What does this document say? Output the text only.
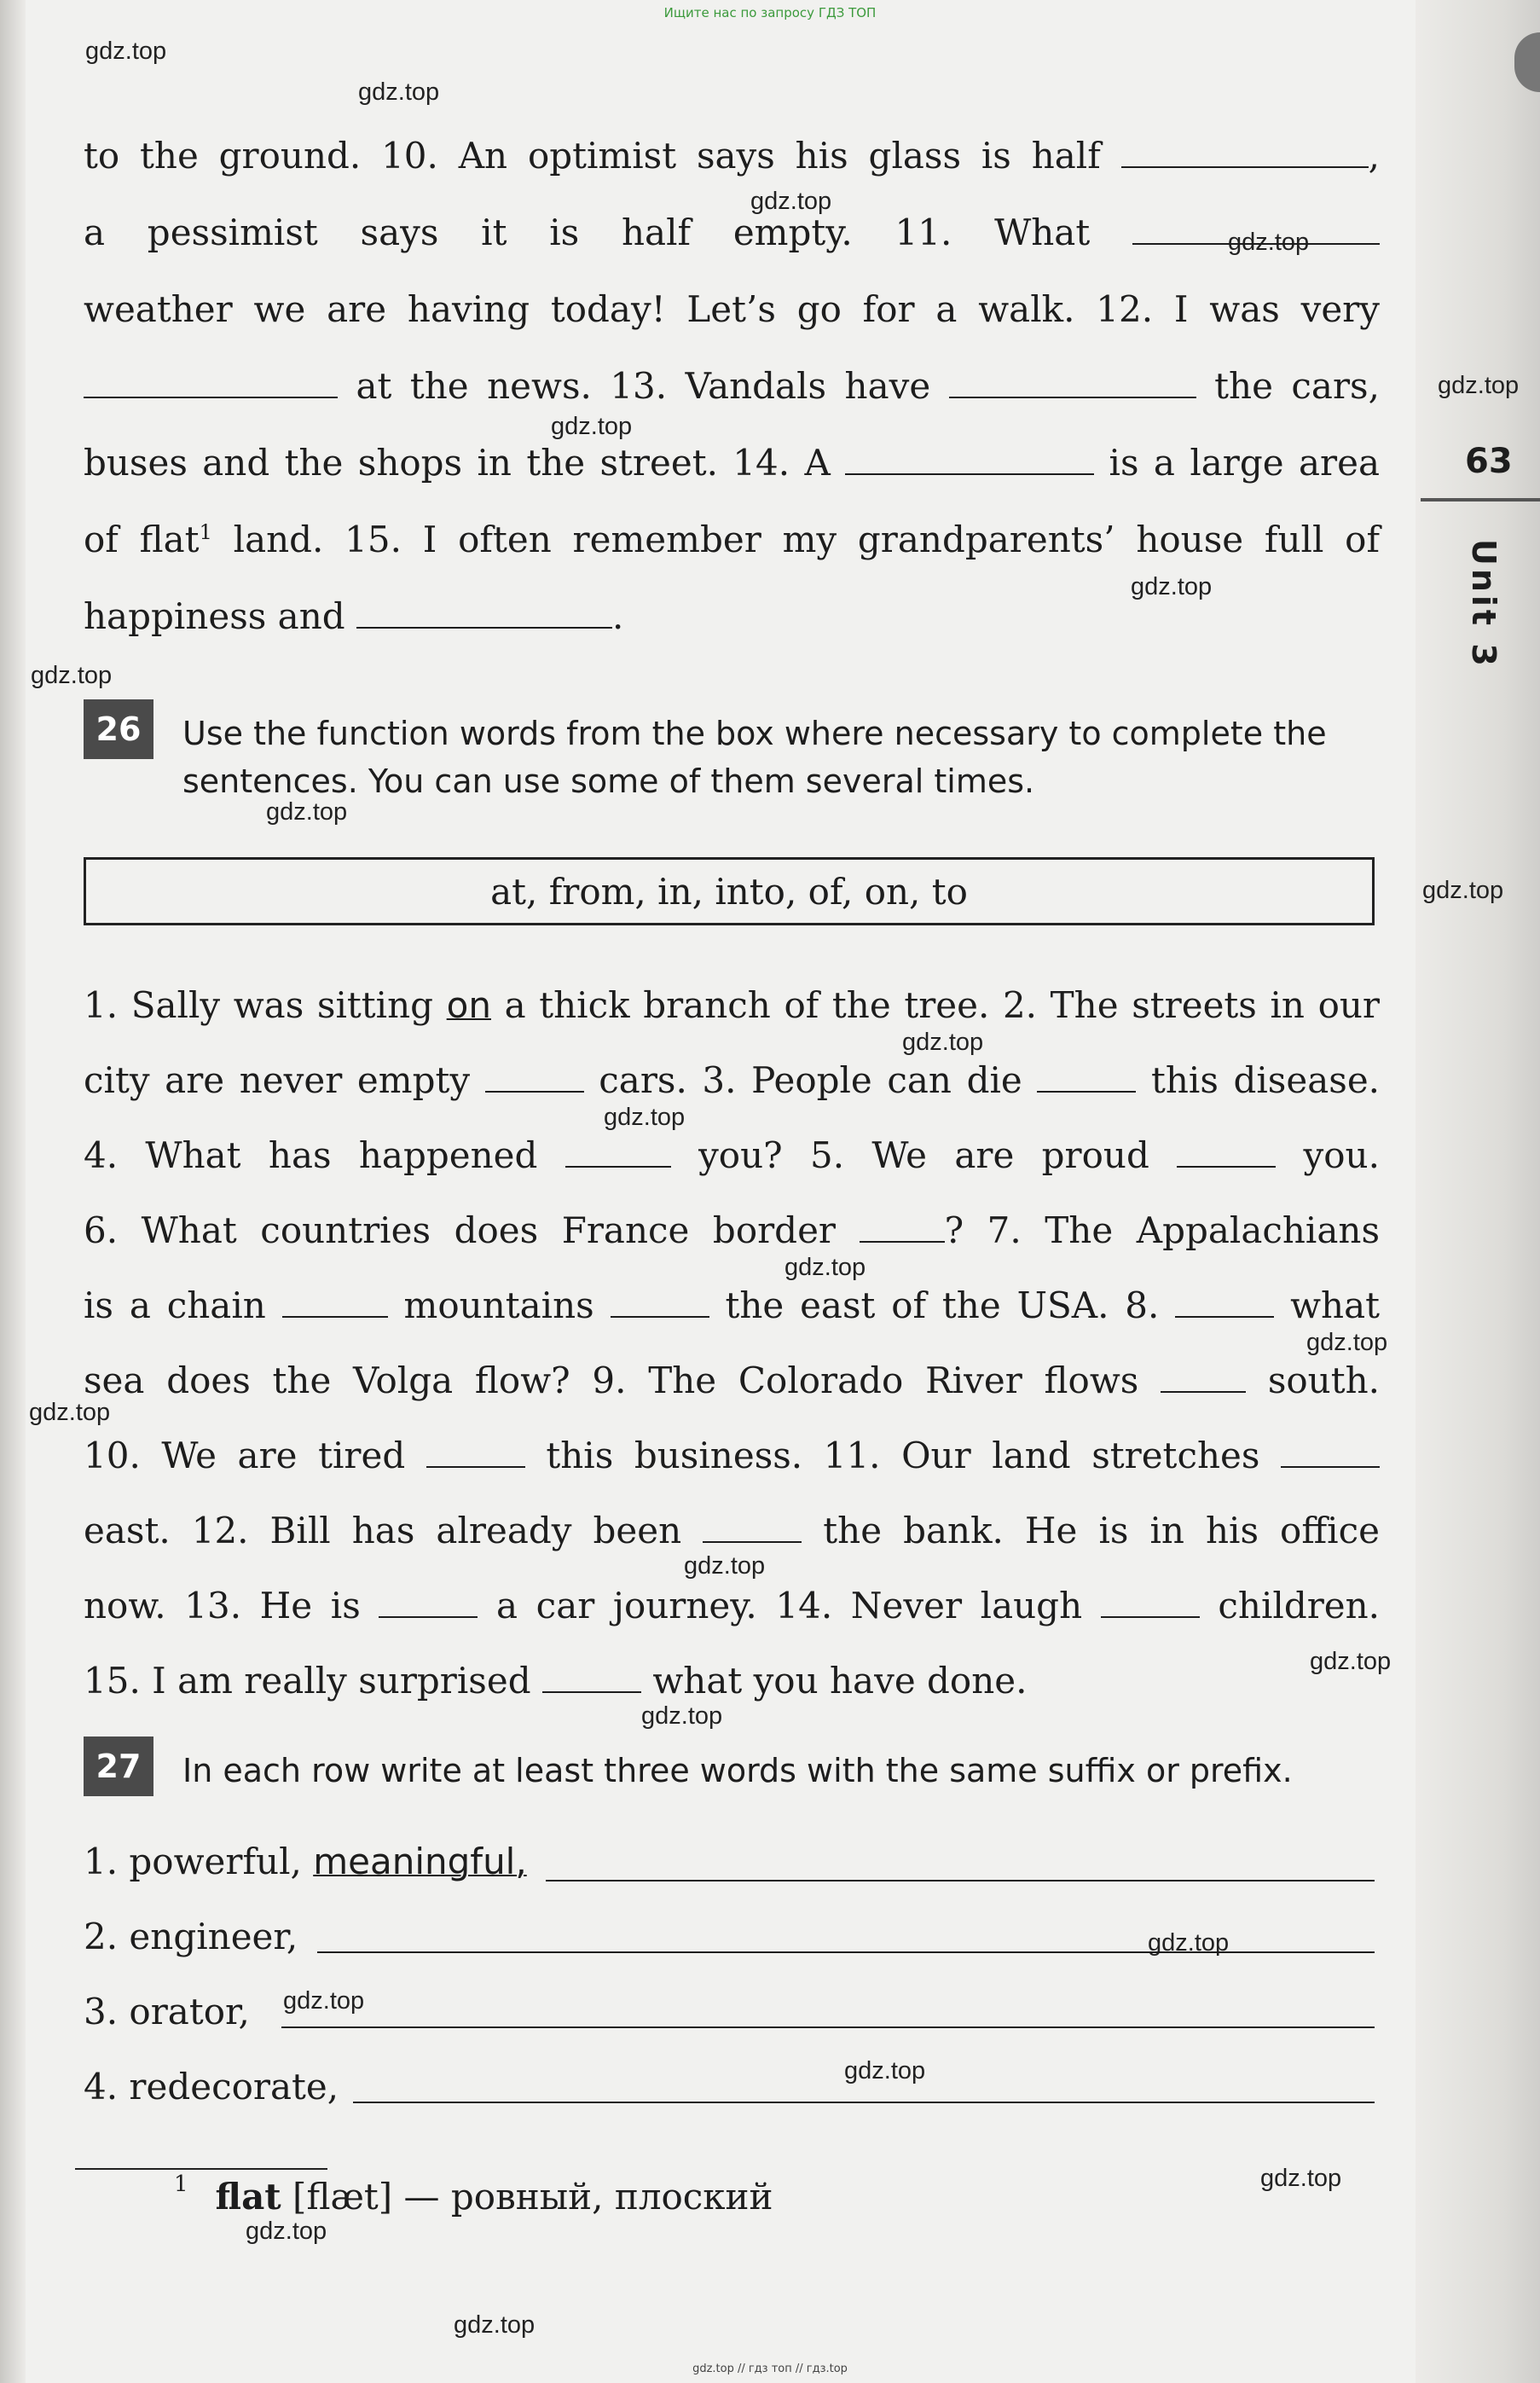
Ищите нас по запросу ГДЗ ТОП
gdz.top
gdz.top
gdz.top
gdz.top
gdz.top
gdz.top
gdz.top
gdz.top
gdz.top
gdz.top
gdz.top
gdz.top
gdz.top
gdz.top
gdz.top
gdz.top
gdz.top
gdz.top
gdz.top
gdz.top
gdz.top
gdz.top
gdz.top
gdz.top
63
Unit 3
to the ground. 10. An optimist says his glass is half	,
a pessimist says it is half empty. 11. What
weather we are having today! Let’s go for a walk. 12. I was very
at the news. 13. Vandals have	the cars,
buses and the shops in the street. 14. A	is a large area
of flat$^1$ land. 15. I often remember my grandparents’ house full of
happiness and	.
26	Use the function words from the box where necessary to complete the sentences. You can use some of them several times.
at, from, in, into, of, on, to
1. Sally was sitting on a thick branch of the tree. 2. The streets in our
city are never empty	cars. 3. People can die	this disease.
4. What has happened	you? 5. We are proud	you.
6. What countries does France border	? 7. The Appalachians
is a chain	mountains	the east of the USA. 8.	what
sea does the Volga flow? 9. The Colorado River flows	south.
10. We are tired	this business. 11. Our land stretches
east. 12. Bill has already been	the bank. He is in his office
now. 13. He is	a car journey. 14. Never laugh	children.
15. I am really surprised	what you have done.
27	In each row write at least three words with the same suffix or prefix.
1. powerful, meaningful,
2. engineer,
3. orator,
4. redecorate,
$^1$ flat [flæt] — ровный, плоский
gdz.top // гдз топ // гдз.top
